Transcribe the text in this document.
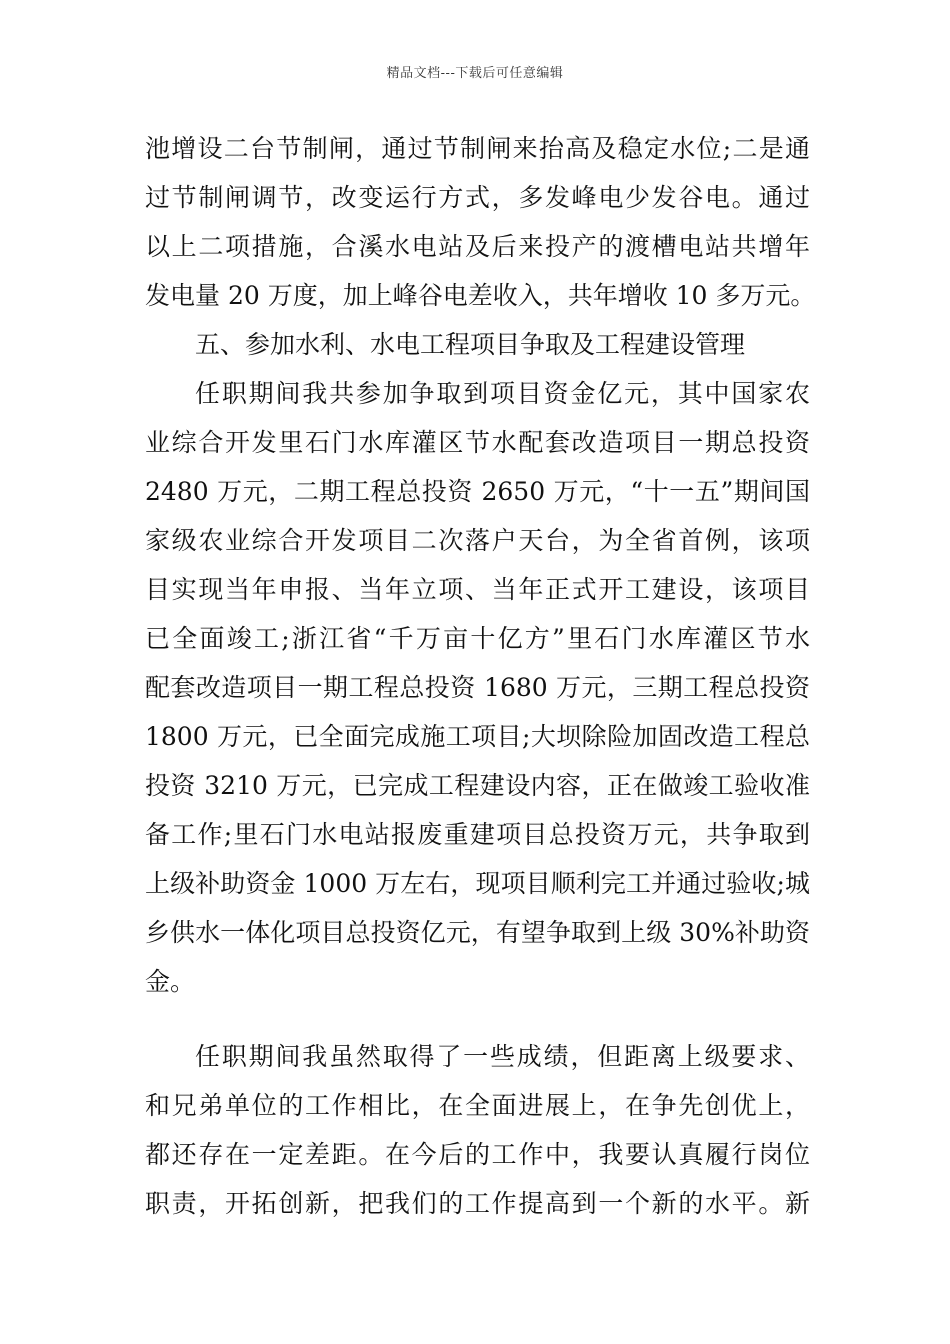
精品文档---下载后可任意编辑
池增设二台节制闸，通过节制闸来抬高及稳定水位;二是通
过节制闸调节，改变运行方式，多发峰电少发谷电。通过
以上二项措施，合溪水电站及后来投产的渡槽电站共增年
发电量 20 万度，加上峰谷电差收入，共年增收 10 多万元。
五、参加水利、水电工程项目争取及工程建设管理
任职期间我共参加争取到项目资金亿元，其中国家农
业综合开发里石门水库灌区节水配套改造项目一期总投资
2480 万元，二期工程总投资 2650 万元，“十一五”期间国
家级农业综合开发项目二次落户天台，为全省首例，该项
目实现当年申报、当年立项、当年正式开工建设，该项目
已全面竣工;浙江省“千万亩十亿方”里石门水库灌区节水
配套改造项目一期工程总投资 1680 万元，三期工程总投资
1800 万元，已全面完成施工项目;大坝除险加固改造工程总
投资 3210 万元，已完成工程建设内容，正在做竣工验收准
备工作;里石门水电站报废重建项目总投资万元，共争取到
上级补助资金 1000 万左右，现项目顺利完工并通过验收;城
乡供水一体化项目总投资亿元，有望争取到上级 30%补助资
金。
任职期间我虽然取得了一些成绩，但距离上级要求、
和兄弟单位的工作相比，在全面进展上，在争先创优上，
都还存在一定差距。在今后的工作中，我要认真履行岗位
职责，开拓创新，把我们的工作提高到一个新的水平。新
